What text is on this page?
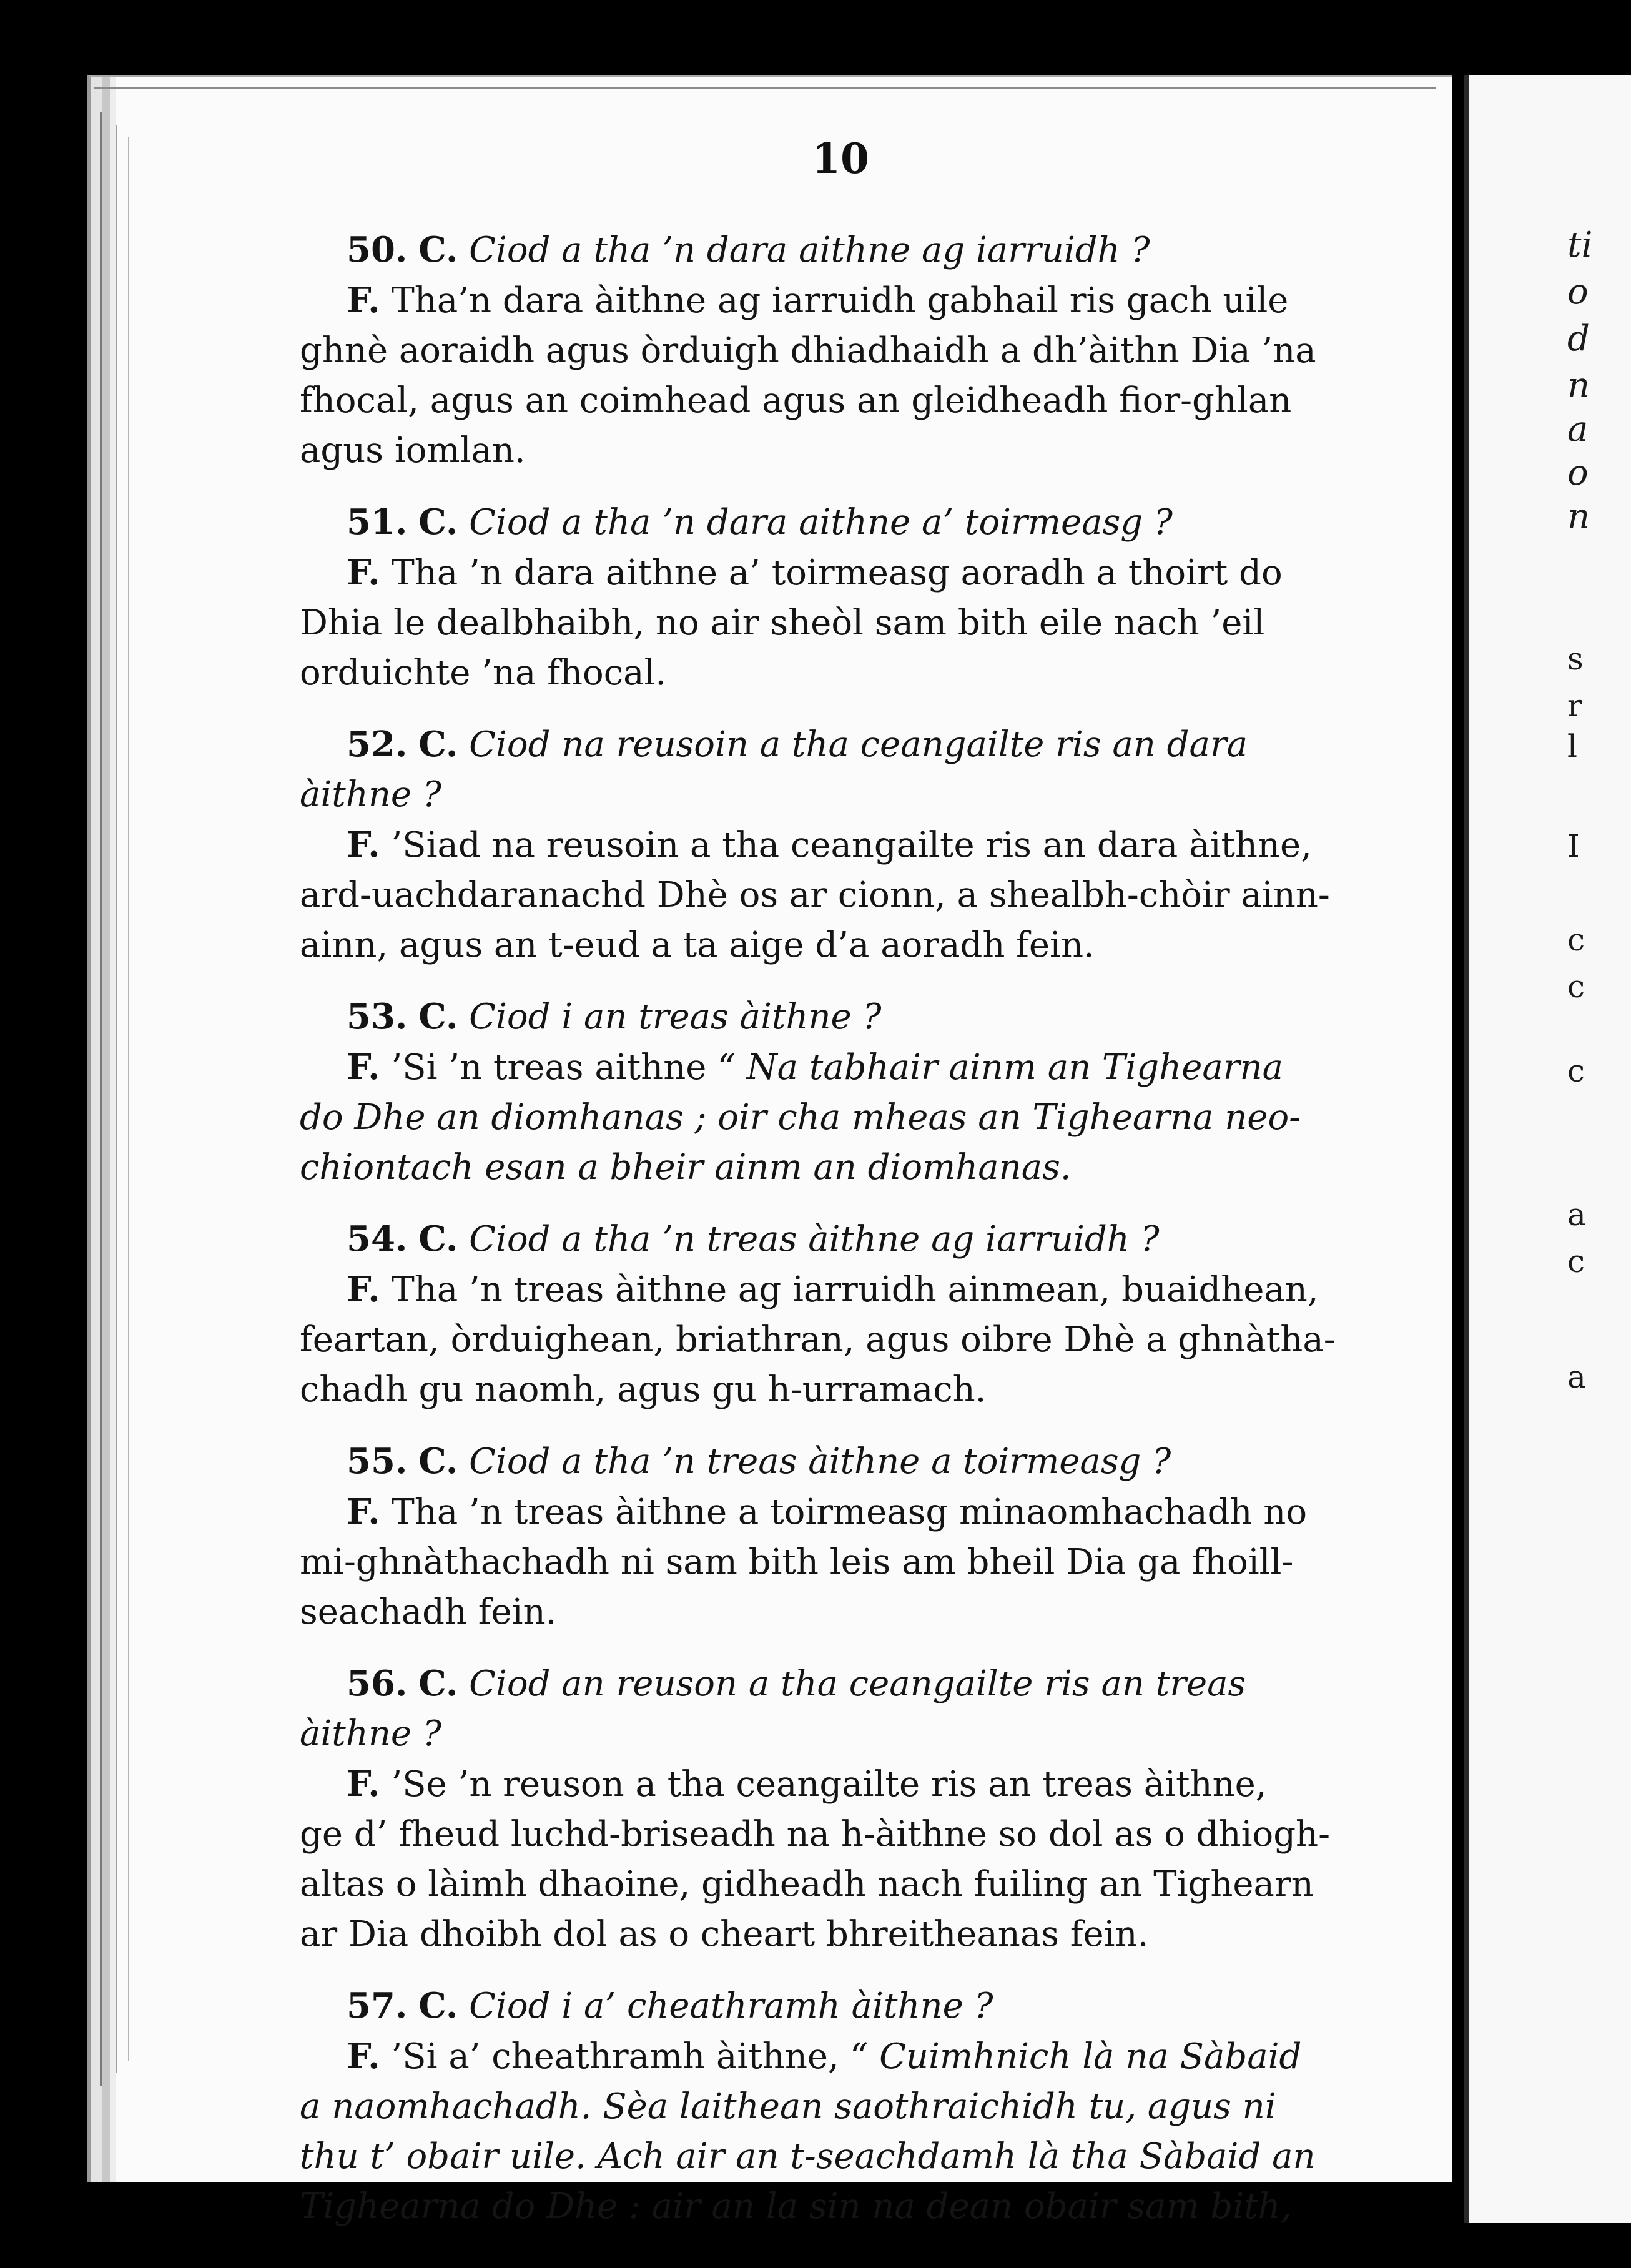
ti
o
d
n
a
o
n
s
r
l
I
c
c
c
a
c
a
10

50. C. Ciod a tha ’n dara aithne ag iarruidh ?

F. Tha’n dara àithne ag iarruidh gabhail ris gach uile
ghnè aoraidh agus òrduigh dhiadhaidh a dh’àithn Dia ’na
fhocal, agus an coimhead agus an gleidheadh fior-ghlan
agus iomlan.

51. C. Ciod a tha ’n dara aithne a’ toirmeasg ?

F. Tha ’n dara aithne a’ toirmeasg aoradh a thoirt do
Dhia le dealbhaibh, no air sheòl sam bith eile nach ’eil
orduichte ’na fhocal.

52. C. Ciod na reusoin a tha ceangailte ris an dara
àithne ?

F. ’Siad na reusoin a tha ceangailte ris an dara àithne,
ard-uachdaranachd Dhè os ar cionn, a shealbh-chòir ainn-
ainn, agus an t-eud a ta aige d’a aoradh fein.

53. C. Ciod i an treas àithne ?

F. ’Si ’n treas aithne “ Na tabhair ainm an Tighearna
do Dhe an diomhanas ; oir cha mheas an Tighearna neo-
chiontach esan a bheir ainm an diomhanas.

54. C. Ciod a tha ’n treas àithne ag iarruidh ?

F. Tha ’n treas àithne ag iarruidh ainmean, buaidhean,
feartan, òrduighean, briathran, agus oibre Dhè a ghnàtha-
chadh gu naomh, agus gu h-urramach.

55. C. Ciod a tha ’n treas àithne a toirmeasg ?

F. Tha ’n treas àithne a toirmeasg minaomhachadh no
mi-ghnàthachadh ni sam bith leis am bheil Dia ga fhoill-
seachadh fein.

56. C. Ciod an reuson a tha ceangailte ris an treas
àithne ?

F. ’Se ’n reuson a tha ceangailte ris an treas àithne,
ge d’ fheud luchd-briseadh na h-àithne so dol as o dhiogh-
altas o làimh dhaoine, gidheadh nach fuiling an Tighearn
ar Dia dhoibh dol as o cheart bhreitheanas fein.

57. C. Ciod i a’ cheathramh àithne ?

F. ’Si a’ cheathramh àithne, “ Cuimhnich là na Sàbaid
a naomhachadh. Sèa laithean saothraichidh tu, agus ni
thu t’ obair uile. Ach air an t-seachdamh là tha Sàbaid an
Tighearna do Dhe : air an la sin na dean obair sam bith,
